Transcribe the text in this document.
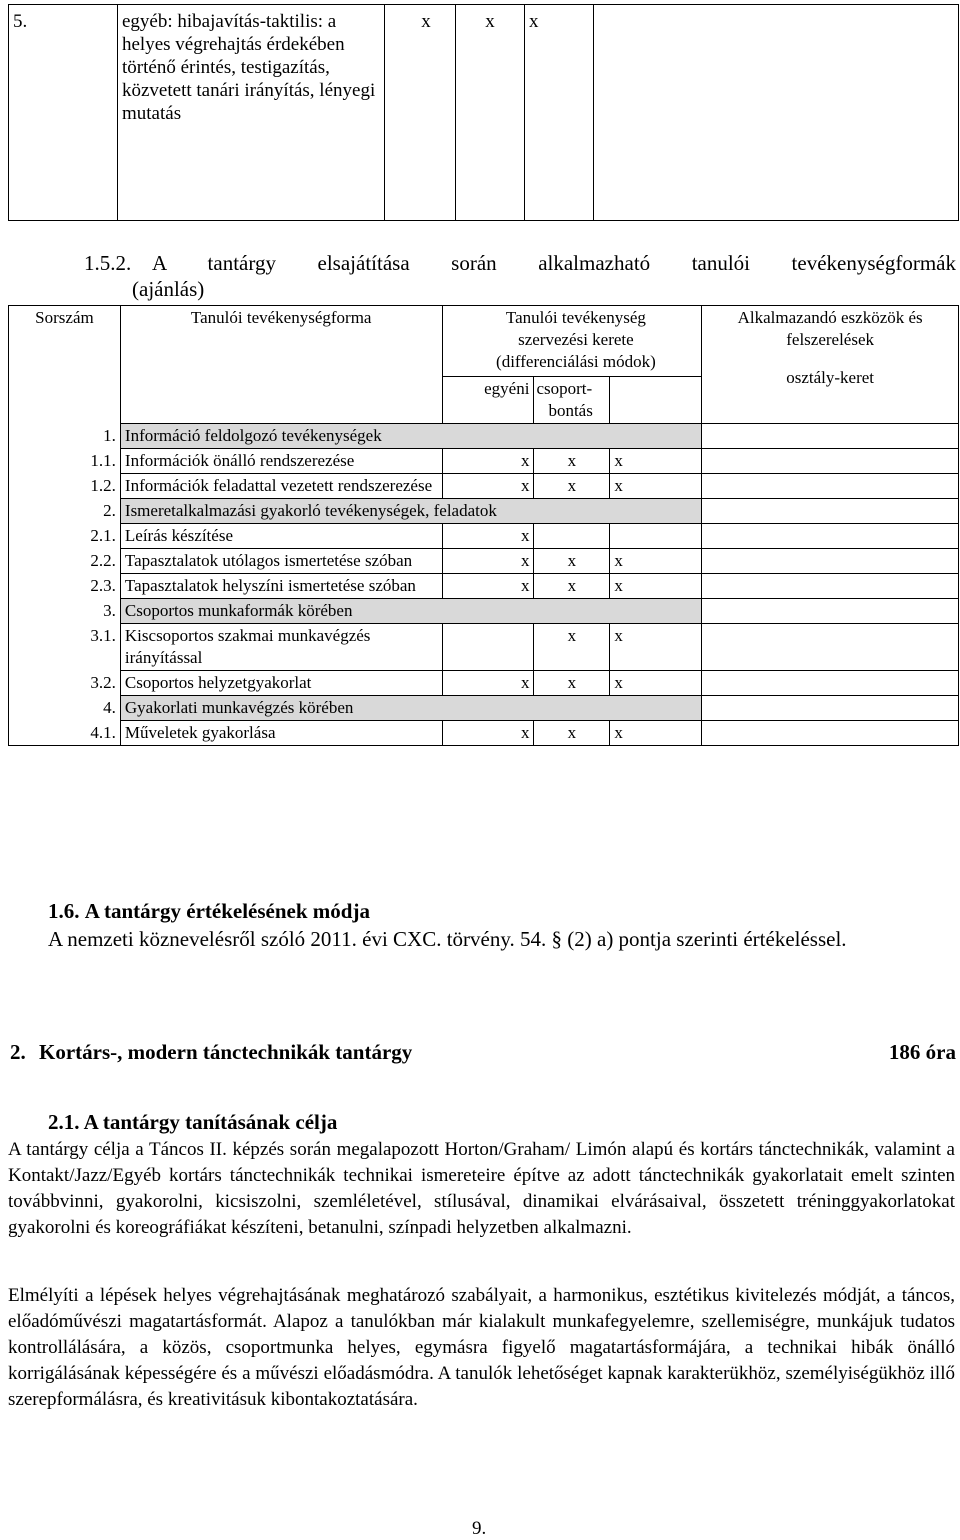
5.	egyéb: hibajavítás-taktilis: a helyes végrehajtás érdekében történő érintés, testigazítás, közvetett tanári irányítás, lényegi mutatás	x	x	x	
1.5.2. A tantárgy elsajátítása során alkalmazható tanulói tevékenységformák
(ajánlás)
Sorszám	Tanulói tevékenységforma	Tanulói tevékenység szervezési kerete (differenciálási módok)			Alkalmazandó eszközök és felszerelések
osztály-keret

		egyéni	csoport-
bontás		
1.	Információ feldolgozó tevékenységek				
1.1.	Információk önálló rendszerezése	x	x	x	
1.2.	Információk feladattal vezetett rendszerezése	x	x	x	
2.	Ismeretalkalmazási gyakorló tevékenységek, feladatok				
2.1.	Leírás készítése	x			
2.2.	Tapasztalatok utólagos ismertetése szóban	x	x	x	
2.3.	Tapasztalatok helyszíni ismertetése szóban	x	x	x	
3.	Csoportos munkaformák körében				
3.1.	Kiscsoportos szakmai munkavégzés irányítással		x	x	
3.2.	Csoportos helyzetgyakorlat	x	x	x	
4.	Gyakorlati munkavégzés körében				
4.1.	Műveletek gyakorlása	x	x	x	
1.6. A tantárgy értékelésének módja
A nemzeti köznevelésről szóló 2011. évi CXC. törvény. 54. § (2) a) pontja szerinti értékeléssel.
2. Kortárs-, modern tánctechnikák tantárgy	186 óra
2.1. A tantárgy tanításának célja
A tantárgy célja a Táncos II. képzés során megalapozott Horton/Graham/ Limón alapú és kortárs tánctechnikák, valamint a Kontakt/Jazz/Egyéb kortárs tánctechnikák technikai ismereteire építve az adott tánctechnikák gyakorlatait emelt szinten továbbvinni, gyakorolni, kicsiszolni, szemléletével, stílusával, dinamikai elvárásaival, összetett tréninggyakorlatokat gyakorolni és koreográfiákat készíteni, betanulni, színpadi helyzetben alkalmazni.
Elmélyíti a lépések helyes végrehajtásának meghatározó szabályait, a harmonikus, esztétikus kivitelezés módját, a táncos, előadóművészi magatartásformát. Alapoz a tanulókban már kialakult munkafegyelemre, szellemiségre, munkájuk tudatos kontrollálására, a közös, csoportmunka helyes, egymásra figyelő magatartásformájára, a technikai hibák önálló korrigálásának képességére és a művészi előadásmódra. A tanulók lehetőséget kapnak karakterükhöz, személyiségükhöz illő szerepformálásra, és kreativitásuk kibontakoztatására.
9.
